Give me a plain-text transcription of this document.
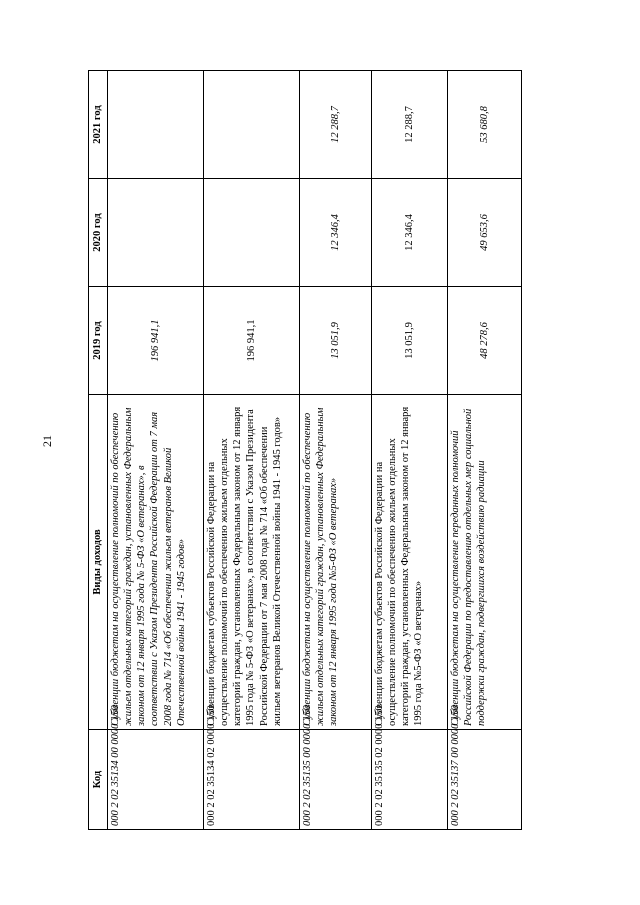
21
Код	Виды доходов	2019 год	2020 год	2021 год
000 2 02 35134 00 0000 150	Субвенции бюджетам на осуществление полномочий по обеспечению жильем отдельных категорий граждан, установленных Федеральным законом от 12 января 1995 года № 5-ФЗ «О ветеранах», в соответствии с Указом Президента Российской Федерации от 7 мая 2008 года № 714 «Об обеспечении жильем ветеранов Великой Отечественной войны 1941 - 1945 годов»	196 941,1		
000 2 02 35134 02 0000 150	Субвенции бюджетам субъектов Российской Федерации на осуществление полномочий по обеспечению жильем отдельных категорий граждан, установленных Федеральным законом от 12 января 1995 года № 5-ФЗ «О ветеранах», в соответствии с Указом Президента Российской Федерации от 7 мая 2008 года № 714 «Об обеспечении жильем ветеранов Великой Отечественной войны 1941 - 1945 годов»	196 941,1		
000 2 02 35135 00 0000 150	Субвенции бюджетам на осуществление полномочий по обеспечению жильем отдельных категорий граждан, установленных Федеральным законом от 12 января 1995 года №5-ФЗ «О ветеранах»	13 051,9	12 346,4	12 288,7
000 2 02 35135 02 0000 150	Субвенции бюджетам субъектов Российской Федерации на осуществление полномочий по обеспечению жильем отдельных категорий граждан, установленных Федеральным законом от 12 января 1995 года №5-ФЗ «О ветеранах»	13 051,9	12 346,4	12 288,7
000 2 02 35137 00 0000 150	Субвенции бюджетам на осуществление переданных полномочий Российской Федерации по предоставлению отдельных мер социальной поддержки граждан, подвергшихся воздействию радиации	48 278,6	49 653,6	53 680,8
